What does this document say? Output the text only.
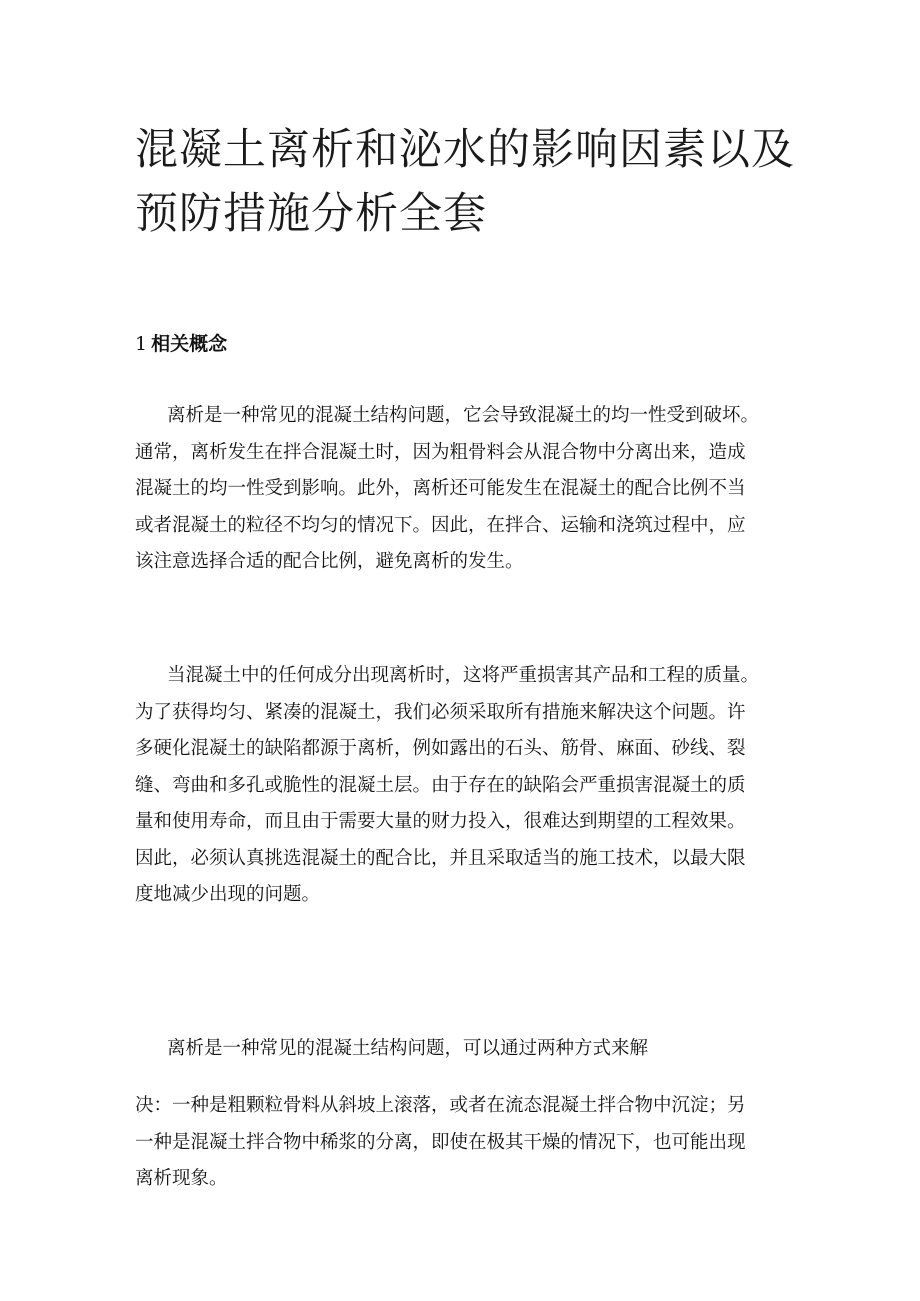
混凝土离析和泌水的影响因素以及
预防措施分析全套
1 相关概念

离析是一种常见的混凝土结构问题，它会导致混凝土的均一性受到破坏。
通常，离析发生在拌合混凝土时，因为粗骨料会从混合物中分离出来，造成
混凝土的均一性受到影响。此外，离析还可能发生在混凝土的配合比例不当
或者混凝土的粒径不均匀的情况下。因此，在拌合、运输和浇筑过程中，应
该注意选择合适的配合比例，避免离析的发生。

当混凝土中的任何成分出现离析时，这将严重损害其产品和工程的质量。
为了获得均匀、紧凑的混凝土，我们必须采取所有措施来解决这个问题。许
多硬化混凝土的缺陷都源于离析，例如露出的石头、筋骨、麻面、砂线、裂
缝、弯曲和多孔或脆性的混凝土层。由于存在的缺陷会严重损害混凝土的质
量和使用寿命，而且由于需要大量的财力投入，很难达到期望的工程效果。
因此，必须认真挑选混凝土的配合比，并且采取适当的施工技术，以最大限
度地减少出现的问题。

离析是一种常见的混凝土结构问题，可以通过两种方式来解

决：一种是粗颗粒骨料从斜坡上滚落，或者在流态混凝土拌合物中沉淀；另
一种是混凝土拌合物中稀浆的分离，即使在极其干燥的情况下，也可能出现
离析现象。
